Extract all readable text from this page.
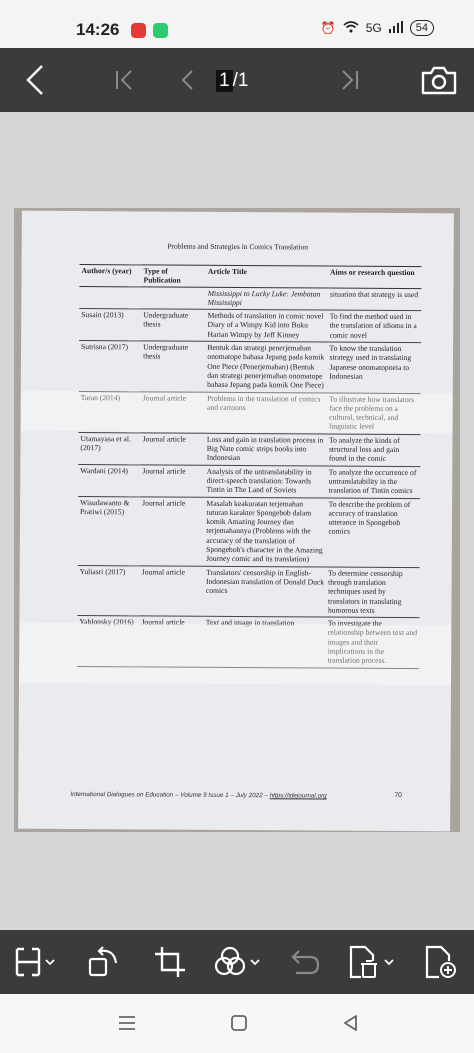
14:26	⏰	5G	54
1 / 1
Problems and Strategies in Comics Translation
Author/s (year)	Type of Publication	Article Title	Aims or research question
		Mississippi to Lucky Luke: Jembatan Mississippi	situation that strategy is used
Susain (2013)	Undergraduate thesis	Methods of translation in comic novel Diary of a Wimpy Kid into Buku Harian Wimpy by Jeff Kinney	To find the method used in the translation of idioms in a comic novel
Sutrisna (2017)	Undergraduate thesis	Bentuk dan strategi penerjemahan onomatope bahasa Jepang pada komik One Piece (Penerjemahan) (Bentuk dan strategi penerjemahan onomatope bahasa Jepang pada komik One Piece)	To know the translation strategy used in translating Japanese onomatopoeia to Indonesian
Taran (2014)	Journal article	Problems in the translation of comics and cartoons	To illustrate how translators face the problems on a cultural, technical, and linguistic level
Utamayasa et al. (2017)	Journal article	Loss and gain in translation process in Big Nate comic strips books into Indonesian	To analyze the kinds of structural loss and gain found in the comic
Wardani (2014)	Journal article	Analysis of the untranslatability in direct-speech translation: Towards Tintin in The Land of Soviets	To analyze the occurrence of untranslatability in the translation of Tintin comics
Wisudawanto & Pratiwi (2015)	Journal article	Masalah keakuratan terjemahan tuturan karakter Spongebob dalam komik Amazing Journey dan terjemahannya (Problems with the accuracy of the translation of Spongebob's character in the Amazing Journey comic and its translation)	To describe the problem of accuracy of translation utterance in Spongebob comics
Yuliasri (2017)	Journal article	Translators' censorship in English-Indonesian translation of Donald Duck comics	To determine censorship through translation techniques used by translators in translating humorous texts
Yablonsky (2016)	Journal article	Text and image in translation	To investigate the relationship between text and images and their implications in the translation process.
International Dialogues on Education – Volume 9 Issue 1 – July 2022 – https://idejournal.org	70
